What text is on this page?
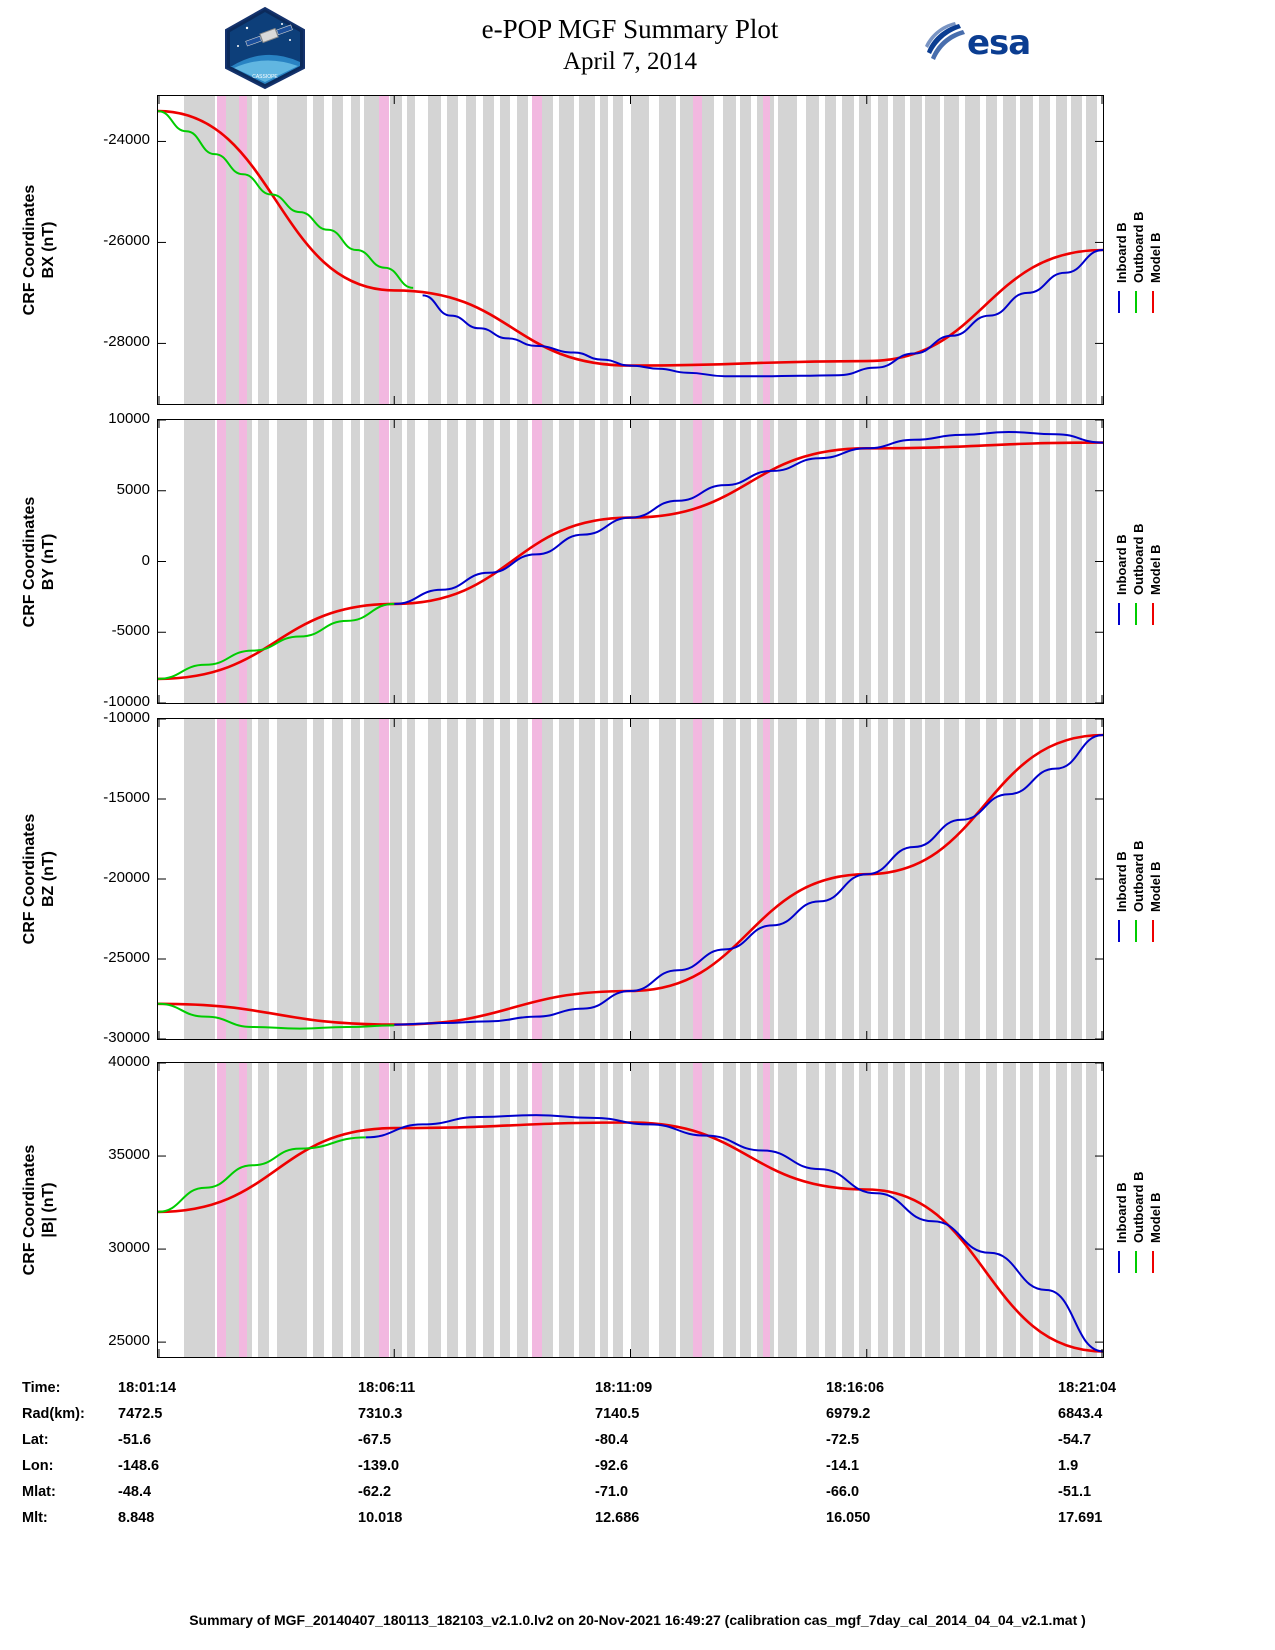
CASSIOPE
e-POP MGF Summary Plot
April 7, 2014	esa
Time:	18:01:14	18:06:11	18:11:09	18:16:06	18:21:04
Rad(km):	7472.5	7310.3	7140.5	6979.2	6843.4
Lat:	-51.6	-67.5	-80.4	-72.5	-54.7
Lon:	-148.6	-139.0	-92.6	-14.1	1.9
Mlat:	-48.4	-62.2	-71.0	-66.0	-51.1
Mlt:	8.848	10.018	12.686	16.050	17.691
Summary of MGF_20140407_180113_182103_v2.1.0.lv2 on 20-Nov-2021 16:49:27 (calibration cas_mgf_7day_cal_2014_04_04_v2.1.mat )
-24000
-26000
-28000
CRF Coordinates BX (nT)	Inboard B Outboard B Model B
10000
5000
0
-5000
-10000
CRF Coordinates BY (nT)	Inboard B Outboard B Model B
-10000
-15000
-20000
-25000
-30000
CRF Coordinates BZ (nT)	Inboard B Outboard B Model B
40000
35000
30000
25000
CRF Coordinates |B| (nT)	Inboard B Outboard B Model B
